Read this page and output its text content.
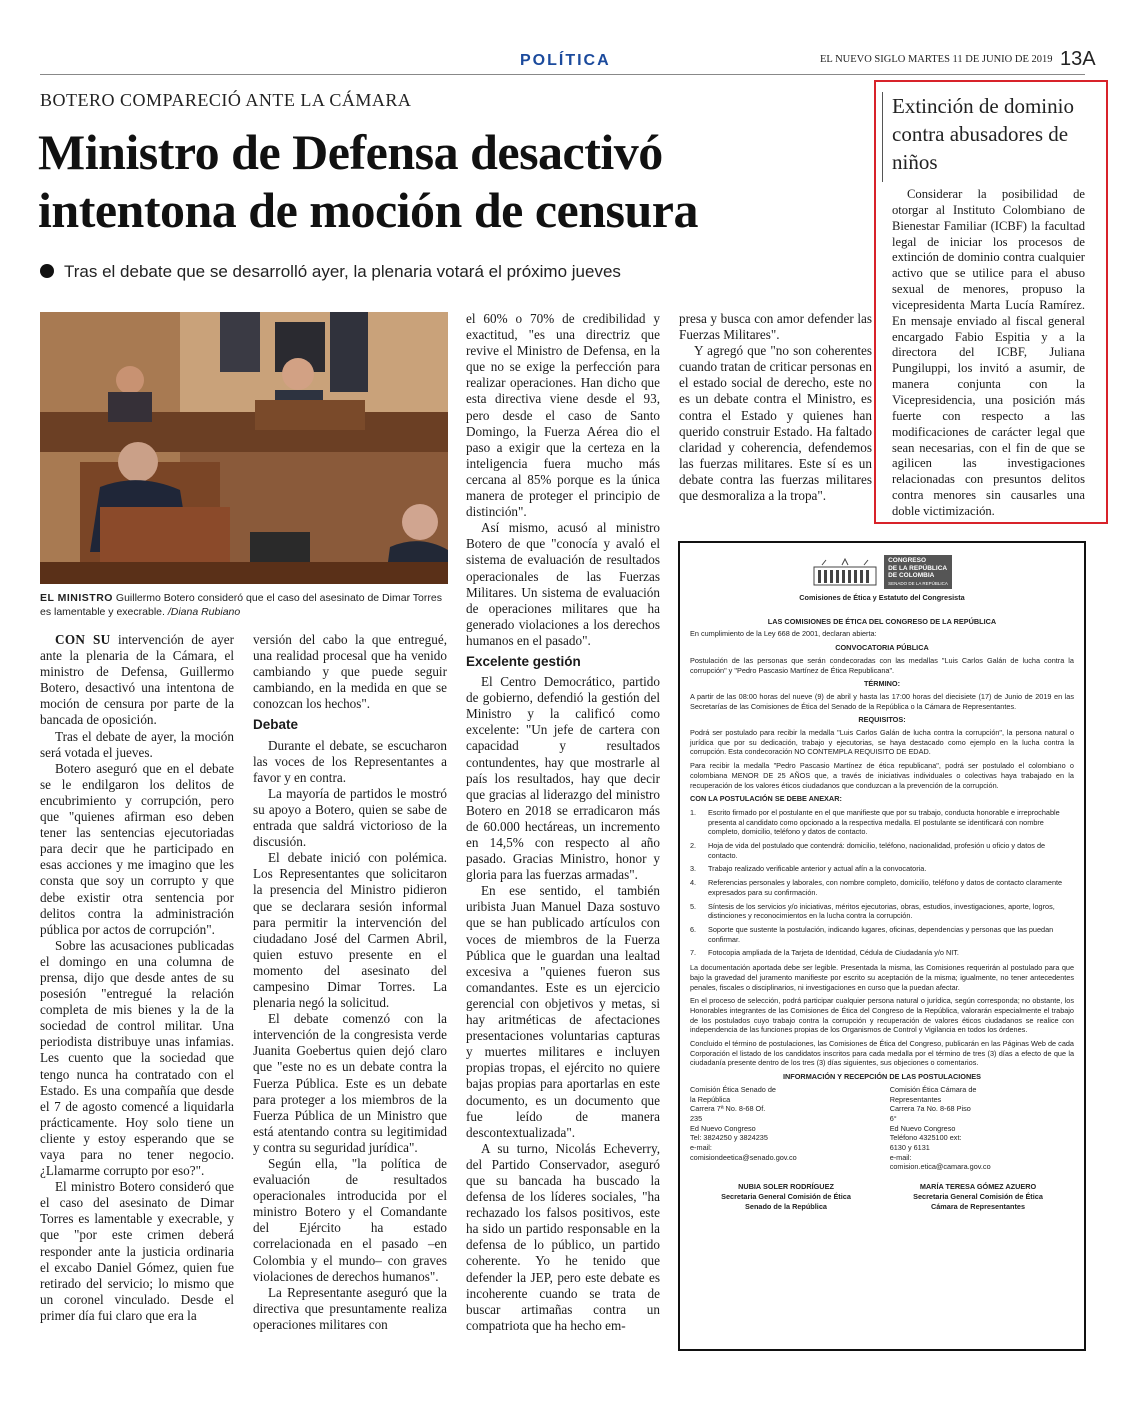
POLÍTICA	EL NUEVO SIGLO MARTES 11 DE JUNIO DE 2019 13A
BOTERO COMPARECIÓ ANTE LA CÁMARA
Ministro de Defensa desactivó intentona de moción de censura
Tras el debate que se desarrolló ayer, la plenaria votará el próximo jueves
EL MINISTRO Guillermo Botero consideró que el caso del asesinato de Dimar Torres es lamentable y execrable. /Diana Rubiano

CON SU intervención de ayer ante la plenaria de la Cámara, el ministro de Defensa, Guillermo Botero, desactivó una intentona de moción de censura por parte de la bancada de oposición.

Tras el debate de ayer, la moción será votada el jueves.

Botero aseguró que en el debate se le endilgaron los delitos de encubrimiento y corrupción, pero que "quienes afirman eso deben tener las sentencias ejecutoriadas para decir que he participado en esas acciones y me imagino que les consta que soy un corrupto y que debe existir otra sentencia por delitos contra la administración pública por actos de corrupción".

Sobre las acusaciones publicadas el domingo en una columna de prensa, dijo que desde antes de su posesión "entregué la relación completa de mis bienes y la de la sociedad de control militar. Una periodista distribuye unas infamias. Les cuento que la sociedad que tengo nunca ha contratado con el Estado. Es una compañía que desde el 7 de agosto comencé a liquidarla prácticamente. Hoy solo tiene un cliente y estoy esperando que se vaya para no tener negocio. ¿Llamarme corrupto por eso?".

El ministro Botero consideró que el caso del asesinato de Dimar Torres es lamentable y execrable, y que "por este crimen deberá responder ante la justicia ordinaria el excabo Daniel Gómez, quien fue retirado del servicio; lo mismo que un coronel vinculado. Desde el primer día fui claro que era la

versión del cabo la que entregué, una realidad procesal que ha venido cambiando y que puede seguir cambiando, en la medida en que se conozcan los hechos".

Debate

Durante el debate, se escucharon las voces de los Representantes a favor y en contra.

La mayoría de partidos le mostró su apoyo a Botero, quien se sabe de entrada que saldrá victorioso de la discusión.

El debate inició con polémica. Los Representantes que solicitaron la presencia del Ministro pidieron que se declarara sesión informal para permitir la intervención del ciudadano José del Carmen Abril, quien estuvo presente en el momento del asesinato del campesino Dimar Torres. La plenaria negó la solicitud.

El debate comenzó con la intervención de la congresista verde Juanita Goebertus quien dejó claro que "este no es un debate contra la Fuerza Pública. Este es un debate para proteger a los miembros de la Fuerza Pública de un Ministro que está atentando contra su legitimidad y contra su seguridad jurídica".

Según ella, "la política de evaluación de resultados operacionales introducida por el ministro Botero y el Comandante del Ejército ha estado correlacionada en el pasado –en Colombia y el mundo– con graves violaciones de derechos humanos".

La Representante aseguró que la directiva que presuntamente realiza operaciones militares con

el 60% o 70% de credibilidad y exactitud, "es una directriz que revive el Ministro de Defensa, en la que no se exige la perfección para realizar operaciones. Han dicho que esta directiva viene desde el 93, pero desde el caso de Santo Domingo, la Fuerza Aérea dio el paso a exigir que la certeza en la inteligencia fuera mucho más cercana al 85% porque es la única manera de proteger el principio de distinción".

Así mismo, acusó al ministro Botero de que "conocía y avaló el sistema de evaluación de resultados operacionales de las Fuerzas Militares. Un sistema de evaluación de operaciones militares que ha generado violaciones a los derechos humanos en el pasado".

Excelente gestión

El Centro Democrático, partido de gobierno, defendió la gestión del Ministro y la calificó como excelente: "Un jefe de cartera con capacidad y resultados contundentes, hay que mostrarle al país los resultados, hay que decir que gracias al liderazgo del ministro Botero en 2018 se erradicaron más de 60.000 hectáreas, un incremento en 14,5% con respecto al año pasado. Gracias Ministro, honor y gloria para las fuerzas armadas".

En ese sentido, el también uribista Juan Manuel Daza sostuvo que se han publicado artículos con voces de miembros de la Fuerza Pública que le guardan una lealtad excesiva a "quienes fueron sus comandantes. Este es un ejercicio gerencial con objetivos y metas, si hay aritméticas de afectaciones presentaciones voluntarias capturas y muertes militares e incluyen propias tropas, el ejército no quiere bajas propias para aportarlas en este documento, es un documento que fue leído de manera descontextualizada".

A su turno, Nicolás Echeverry, del Partido Conservador, aseguró que su bancada ha buscado la defensa de los líderes sociales, "ha rechazado los falsos positivos, este ha sido un partido responsable en la defensa de lo público, un partido coherente. Yo he tenido que defender la JEP, pero este debate es incoherente cuando se trata de buscar artimañas contra un compatriota que ha hecho em-

presa y busca con amor defender las Fuerzas Militares".

Y agregó que "no son coherentes cuando tratan de criticar personas en el estado social de derecho, este no es un debate contra el Ministro, es contra el Estado y quienes han querido construir Estado. Ha faltado claridad y coherencia, defendemos las fuerzas militares. Este sí es un debate contra las fuerzas militares que desmoraliza a la tropa".

Extinción de dominio contra abusadores de niños

Considerar la posibilidad de otorgar al Instituto Colombiano de Bienestar Familiar (ICBF) la facultad legal de iniciar los procesos de extinción de dominio contra cualquier activo que se utilice para el abuso sexual de menores, propuso la vicepresidenta Marta Lucía Ramírez. En mensaje enviado al fiscal general encargado Fabio Espitia y a la directora del ICBF, Juliana Pungiluppi, los invitó a asumir, de manera conjunta con la Vicepresidencia, una posición más fuerte con respecto a las modificaciones de carácter legal que sean necesarias, con el fin de que se agilicen las investigaciones relacionadas con presuntos delitos contra menores sin causarles una doble victimización.

CONGRESO
DE LA REPÚBLICA
DE COLOMBIA
SENADO DE LA REPÚBLICA
Comisiones de Ética y Estatuto del Congresista
LAS COMISIONES DE ÉTICA DEL CONGRESO DE LA REPÚBLICA

En cumplimiento de la Ley 668 de 2001, declaran abierta:

CONVOCATORIA PÚBLICA

Postulación de las personas que serán condecoradas con las medallas "Luis Carlos Galán de lucha contra la corrupción" y "Pedro Pascasio Martínez de Ética Republicana".

TÉRMINO:

A partir de las 08:00 horas del nueve (9) de abril y hasta las 17:00 horas del diecisiete (17) de Junio de 2019 en las Secretarías de las Comisiones de Ética del Senado de la República o la Cámara de Representantes.

REQUISITOS:

Podrá ser postulado para recibir la medalla "Luis Carlos Galán de lucha contra la corrupción", la persona natural o jurídica que por su dedicación, trabajo y ejecutorias, se haya destacado como ejemplo en la lucha contra la corrupción. Esta condecoración NO CONTEMPLA REQUISITO DE EDAD.

Para recibir la medalla "Pedro Pascasio Martínez de ética republicana", podrá ser postulado el colombiano o colombiana MENOR DE 25 AÑOS que, a través de iniciativas individuales o colectivas haya trabajado en la recuperación de los valores éticos ciudadanos que conduzcan a la prevención de la corrupción.

CON LA POSTULACIÓN SE DEBE ANEXAR:
1.	Escrito firmado por el postulante en el que manifieste que por su trabajo, conducta honorable e irreprochable presenta al candidato como opcionado a la respectiva medalla. El postulante se identificará con nombre completo, domicilio, teléfono y datos de contacto.
2.	Hoja de vida del postulado que contendrá: domicilio, teléfono, nacionalidad, profesión u oficio y datos de contacto.
3.	Trabajo realizado verificable anterior y actual afín a la convocatoria.
4.	Referencias personales y laborales, con nombre completo, domicilio, teléfono y datos de contacto claramente expresados para su confirmación.
5.	Síntesis de los servicios y/o iniciativas, méritos ejecutorias, obras, estudios, investigaciones, aporte, logros, distinciones y reconocimientos en la lucha contra la corrupción.
6.	Soporte que sustente la postulación, indicando lugares, oficinas, dependencias y personas que las puedan confirmar.
7.	Fotocopia ampliada de la Tarjeta de Identidad, Cédula de Ciudadanía y/o NIT.

La documentación aportada debe ser legible. Presentada la misma, las Comisiones requerirán al postulado para que bajo la gravedad del juramento manifieste por escrito su aceptación de la misma; igualmente, no tener antecedentes penales, fiscales o disciplinarios, ni investigaciones en curso que la puedan afectar.

En el proceso de selección, podrá participar cualquier persona natural o jurídica, según corresponda; no obstante, los Honorables integrantes de las Comisiones de Ética del Congreso de la República, valorarán especialmente el trabajo de los postulados cuyo trabajo contra la corrupción y recuperación de valores éticos ciudadanos se realice con independencia de las funciones propias de los Organismos de Control y Vigilancia en todos los órdenes.

Concluido el término de postulaciones, las Comisiones de Ética del Congreso, publicarán en las Páginas Web de cada Corporación el listado de los candidatos inscritos para cada medalla por el término de tres (3) días a efecto de que la ciudadanía presente dentro de los tres (3) días siguientes, sus objeciones o comentarios.

INFORMACIÓN Y RECEPCIÓN DE LAS POSTULACIONES
Comisión Ética Senado de la República
Carrera 7ª No. 8-68 Of. 235
Ed Nuevo Congreso
Tel: 3824250 y 3824235
e-mail: comisiondeetica@senado.gov.co
Comisión Ética Cámara de Representantes
Carrera 7a No. 8-68 Piso 6°
Ed Nuevo Congreso
Teléfono 4325100 ext: 6130 y 6131
e-mail: comision.etica@camara.gov.co
NUBIA SOLER RODRÍGUEZ
Secretaria General Comisión de Ética
Senado de la República
MARÍA TERESA GÓMEZ AZUERO
Secretaria General Comisión de Ética
Cámara de Representantes
